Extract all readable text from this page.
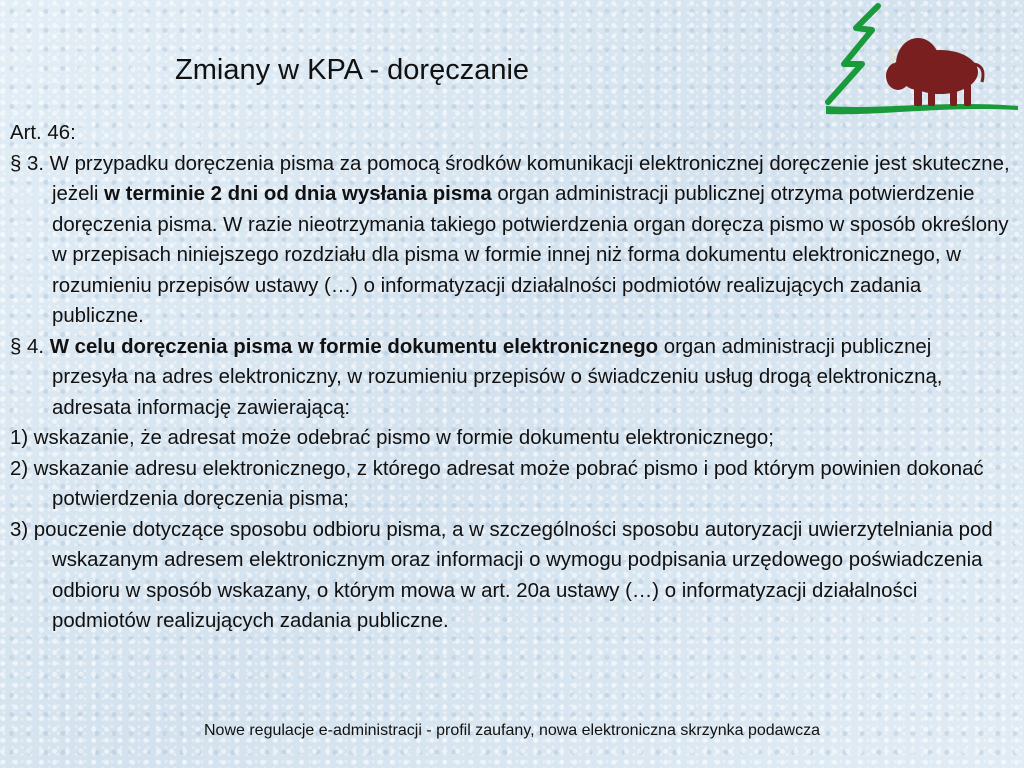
Zmiany w KPA - doręczanie

Art. 46:

§ 3. W przypadku doręczenia pisma za pomocą środków komunikacji elektronicznej doręczenie jest skuteczne, jeżeli w terminie 2 dni od dnia wysłania pisma organ administracji publicznej otrzyma potwierdzenie doręczenia pisma. W razie nieotrzymania takiego potwierdzenia organ doręcza pismo w sposób określony w przepisach niniejszego rozdziału dla pisma w formie innej niż forma dokumentu elektronicznego, w rozumieniu przepisów ustawy (…) o informatyzacji działalności podmiotów realizujących zadania publiczne.

§ 4. W celu doręczenia pisma w formie dokumentu elektronicznego organ administracji publicznej przesyła na adres elektroniczny, w rozumieniu przepisów o świadczeniu usług drogą elektroniczną, adresata informację zawierającą:

1) wskazanie, że adresat może odebrać pismo w formie dokumentu elektronicznego;

2) wskazanie adresu elektronicznego, z którego adresat może pobrać pismo i pod którym powinien dokonać potwierdzenia doręczenia pisma;

3) pouczenie dotyczące sposobu odbioru pisma, a w szczególności sposobu autoryzacji uwierzytelniania pod wskazanym adresem elektronicznym oraz informacji o wymogu podpisania urzędowego poświadczenia odbioru w sposób wskazany, o którym mowa w art. 20a ustawy (…) o informatyzacji działalności podmiotów realizujących zadania publiczne.

Nowe regulacje e-administracji - profil zaufany, nowa elektroniczna skrzynka podawcza
